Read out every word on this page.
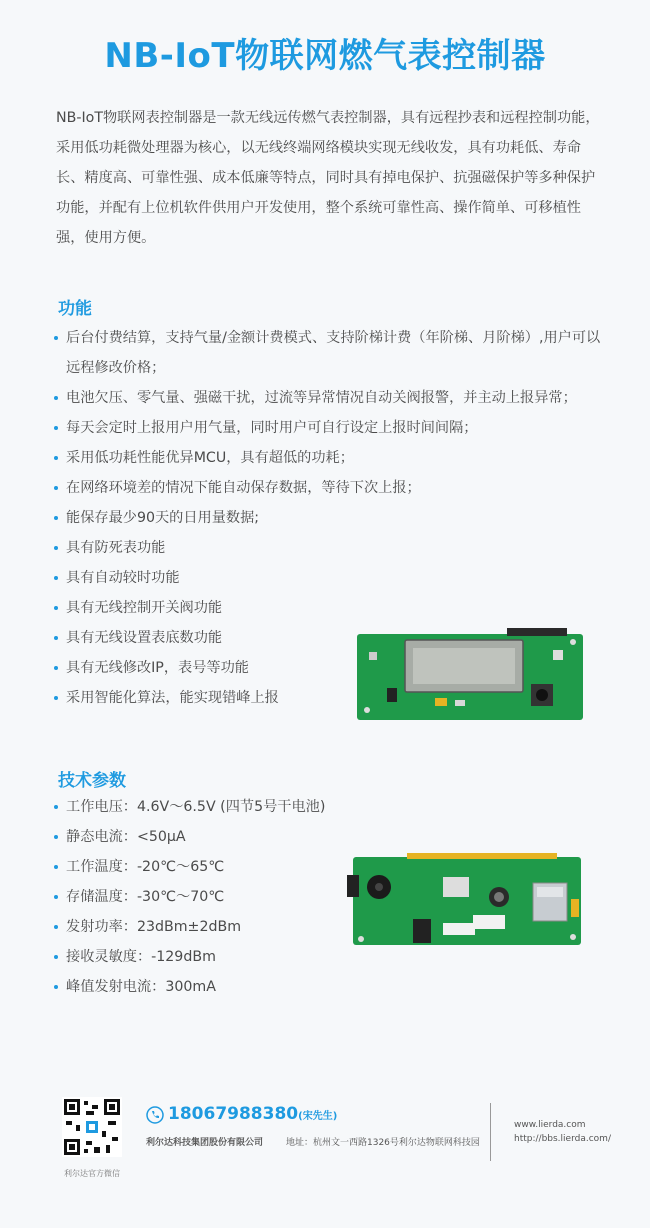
NB-IoT物联网燃气表控制器
NB-IoT物联网表控制器是一款无线远传燃气表控制器，具有远程抄表和远程控制功能，采用低功耗微处理器为核心，以无线终端网络模块实现无线收发，具有功耗低、寿命长、精度高、可靠性强、成本低廉等特点，同时具有掉电保护、抗强磁保护等多种保护功能，并配有上位机软件供用户开发使用，整个系统可靠性高、操作简单、可移植性强，使用方便。
功能
后台付费结算，支持气量/金额计费模式、支持阶梯计费（年阶梯、月阶梯）,用户可以远程修改价格；
电池欠压、零气量、强磁干扰，过流等异常情况自动关阀报警，并主动上报异常；
每天会定时上报用户用气量，同时用户可自行设定上报时间间隔；
采用低功耗性能优异MCU，具有超低的功耗；
在网络环境差的情况下能自动保存数据，等待下次上报；
能保存最少90天的日用量数据;
具有防死表功能
具有自动较时功能
具有无线控制开关阀功能
具有无线设置表底数功能
具有无线修改IP，表号等功能
采用智能化算法，能实现错峰上报
技术参数
工作电压：4.6V～6.5V (四节5号干电池)
静态电流：<50μA
工作温度：-20℃～65℃
存储温度：-30℃～70℃
发射功率：23dBm±2dBm
接收灵敏度：-129dBm
峰值发射电流：300mA
利尔达官方微信
18067988380(宋先生)
利尔达科技集团股份有限公司	地址：杭州文一西路1326号利尔达物联网科技园
www.lierda.com
http://bbs.lierda.com/
